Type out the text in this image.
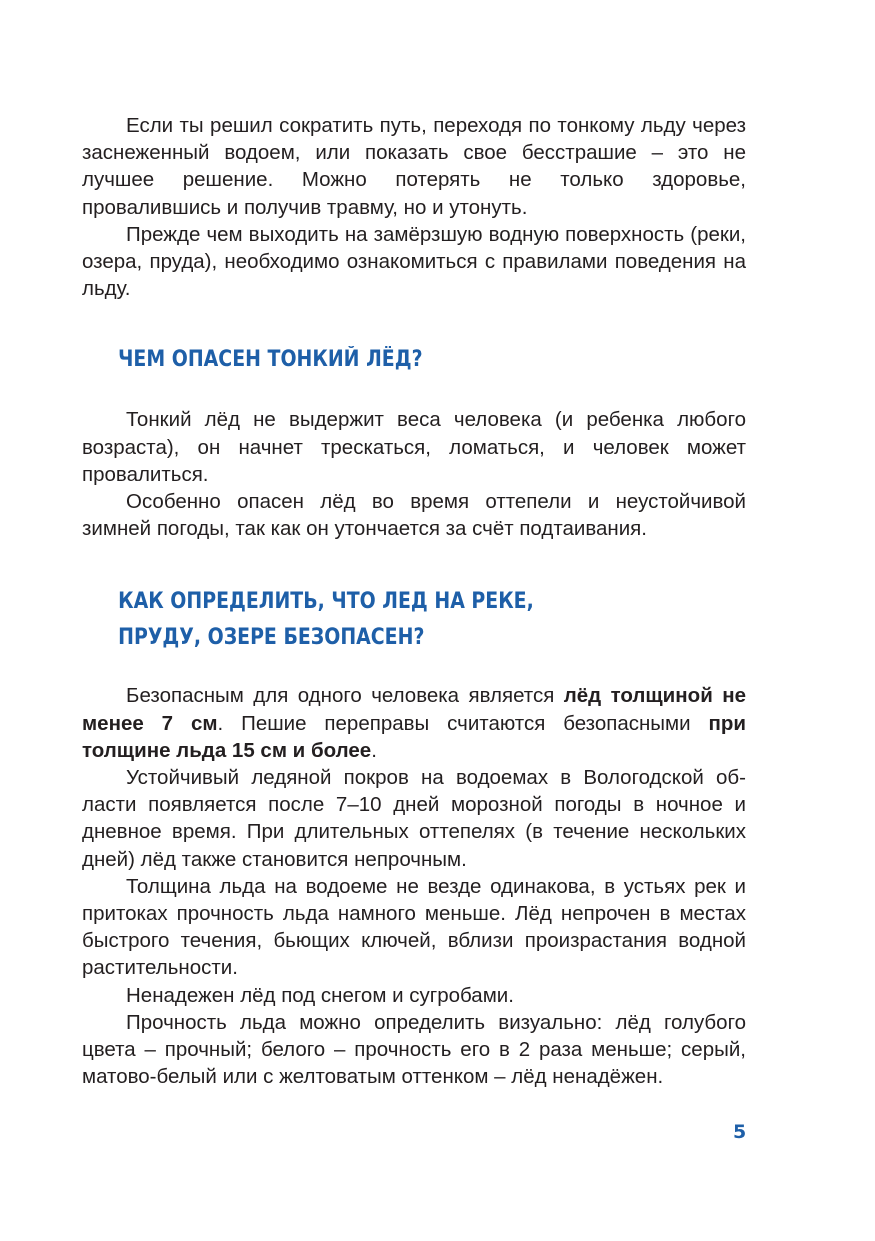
Если ты решил сократить путь, переходя по тонкому льду через заснеженный водоем, или показать свое бесстрашие – это не лучшее решение. Можно потерять не только здоровье, провалившись и получив травму, но и утонуть.

Прежде чем выходить на замёрзшую водную поверхность (реки, озера, пруда), необходимо ознакомиться с правилами поведения на льду.

ЧЕМ ОПАСЕН ТОНКИЙ ЛЁД?

Тонкий лёд не выдержит веса человека (и ребенка любого возраста), он начнет трескаться, ломаться, и человек может провалиться.

Особенно опасен лёд во время оттепели и неустойчивой зимней погоды, так как он утончается за счёт подтаивания.

КАК ОПРЕДЕЛИТЬ, ЧТО ЛЕД НА РЕКЕ,
ПРУДУ, ОЗЕРЕ БЕЗОПАСЕН?

Безопасным для одного человека является лёд толщиной не менее 7 см. Пешие переправы считаются безопасными при толщине льда 15 см и более.

Устойчивый ледяной покров на водоемах в Вологодской области появляется после 7–10 дней морозной погоды в ночное и дневное время. При длительных оттепелях (в течение нескольких дней) лёд также становится непрочным.

Толщина льда на водоеме не везде одинакова, в устьях рек и притоках прочность льда намного меньше. Лёд непрочен в местах быстрого течения, бьющих ключей, вблизи произрастания водной растительности.

Ненадежен лёд под снегом и сугробами.

Прочность льда можно определить визуально: лёд голубого цвета – прочный; белого – прочность его в 2 раза меньше; серый, матово-белый или с желтоватым оттенком – лёд ненадёжен.

5
